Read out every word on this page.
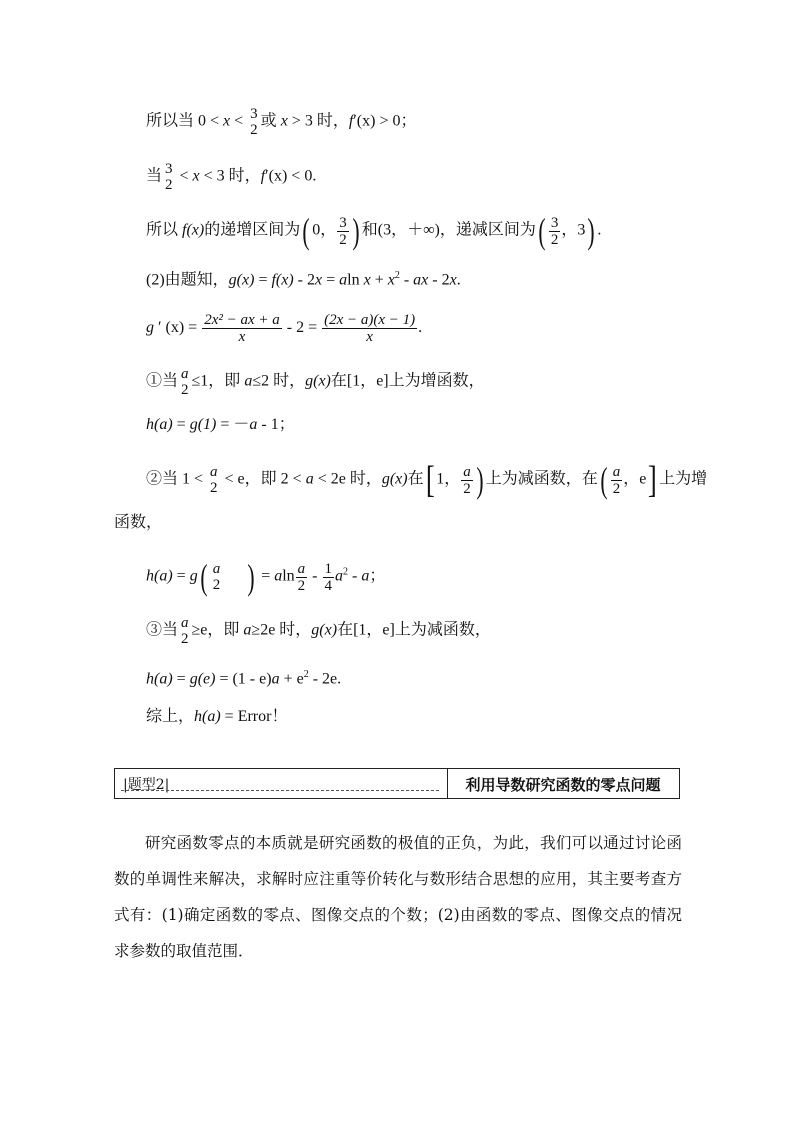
所以当 0 < x < 3
2
或 x > 3 时，f′(x) > 0；
当 3
2
< x < 3 时，f′(x) < 0.
所以 f(x)的递增区间为( 0， $\frac{3}{2}$ ) 和(3，＋∞)，递减区间为( $\frac{3}{2}$ ，3) .
(2)由题知，g(x) = f(x) - 2x = aln $x + x^2$ - ax - 2x.
g ′ $(x) = \frac{\text{2x² − ax + a}}{x} - 2 = \frac{(2x - a)(x - 1)}{x}$ .
①当 a
2
≤1，即 a≤2 时，g(x)在[1，e]上为增函数，
h(a) = g(1) = －a - 1；
②当 1 < a
2
< e，即 2 < a < 2e 时，g(x)在[ 1， $\frac{a}{2}$ ) 上为减函数，在( $\frac{a}{2}$ ，e] 上为增
函数，
h(a) = g( a
2 ) = aln $\frac{a}{2} - \frac{1}{4} a^2$ - a；
③当 a
2
≥e，即 a≥2e 时，g(x)在[1，e]上为减函数，
$h(a) = g(e) = (1 - e)a + e^2 - 2e$.
综上，h(a) = Error！
|题型2|	利用导数研究函数的零点问题
研究函数零点的本质就是研究函数的极值的正负，为此，我们可以通过讨论函数的单调性来解决，求解时应注重等价转化与数形结合思想的应用，其主要考查方式有：(1)确定函数的零点、图像交点的个数；(2)由函数的零点、图像交点的情况求参数的取值范围．
